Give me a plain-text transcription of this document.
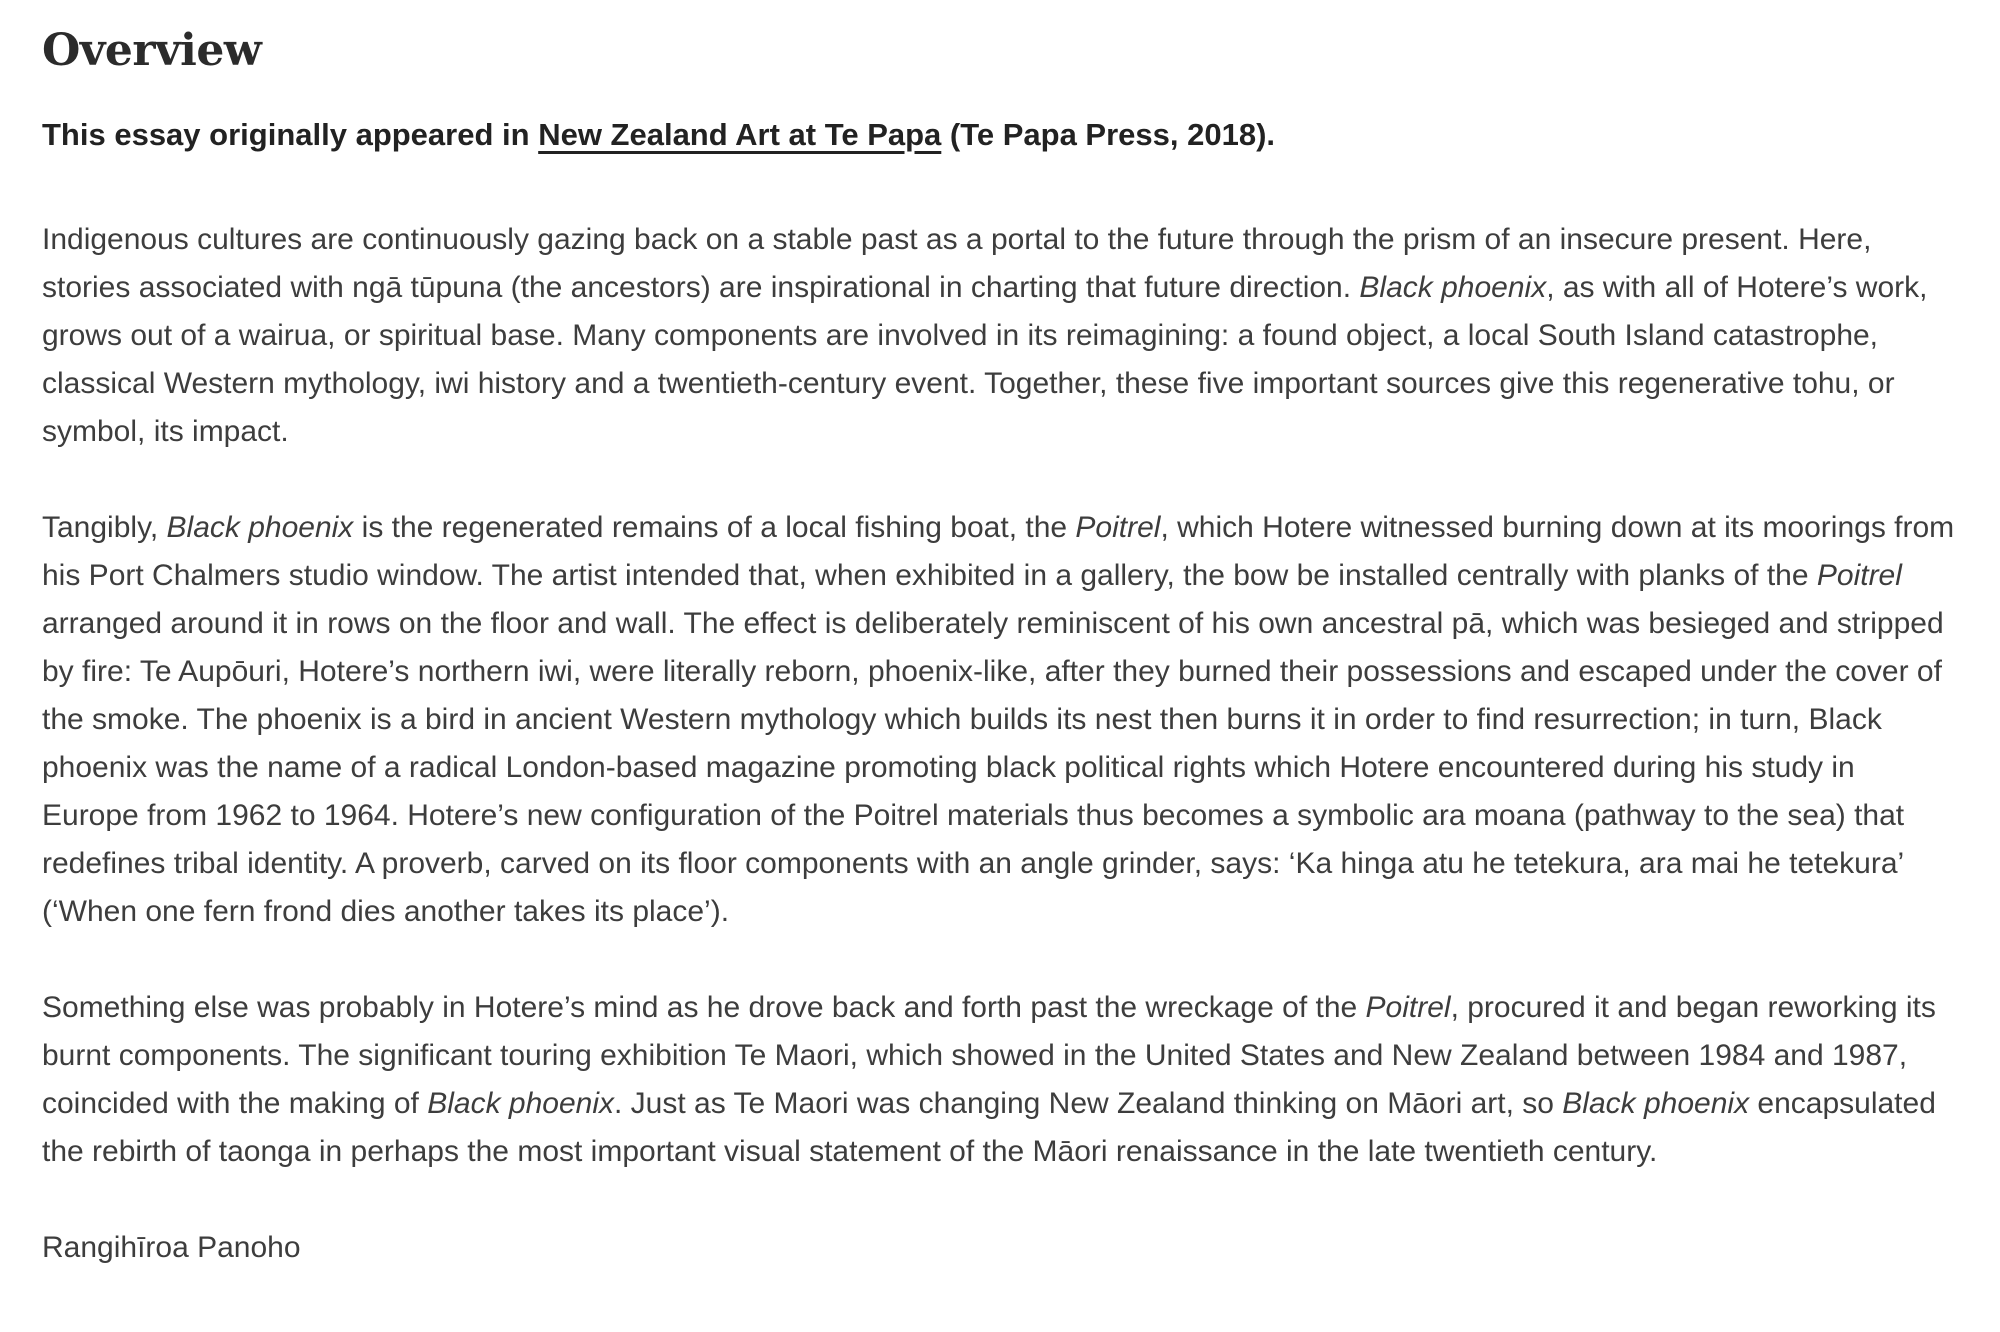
Overview

This essay originally appeared in New Zealand Art at Te Papa (Te Papa Press, 2018).

Indigenous cultures are continuously gazing back on a stable past as a portal to the future through the prism of an insecure present. Here, stories associated with ngā tūpuna (the ancestors) are inspirational in charting that future direction. Black phoenix, as with all of Hotere’s work, grows out of a wairua, or spiritual base. Many components are involved in its reimagining: a found object, a local South Island catastrophe, classical Western mythology, iwi history and a twentieth-century event. Together, these five important sources give this regenerative tohu, or symbol, its impact.

Tangibly, Black phoenix is the regenerated remains of a local fishing boat, the Poitrel, which Hotere witnessed burning down at its moorings from his Port Chalmers studio window. The artist intended that, when exhibited in a gallery, the bow be installed centrally with planks of the Poitrel arranged around it in rows on the floor and wall. The effect is deliberately reminiscent of his own ancestral pā, which was besieged and stripped by fire: Te Aupōuri, Hotere’s northern iwi, were literally reborn, phoenix-like, after they burned their possessions and escaped under the cover of the smoke. The phoenix is a bird in ancient Western mythology which builds its nest then burns it in order to find resurrection; in turn, Black phoenix was the name of a radical London-based magazine promoting black political rights which Hotere encountered during his study in Europe from 1962 to 1964. Hotere’s new configuration of the Poitrel materials thus becomes a symbolic ara moana (pathway to the sea) that redefines tribal identity. A proverb, carved on its floor components with an angle grinder, says: ‘Ka hinga atu he tetekura, ara mai he tetekura’ (‘When one fern frond dies another takes its place’).

Something else was probably in Hotere’s mind as he drove back and forth past the wreckage of the Poitrel, procured it and began reworking its burnt components. The significant touring exhibition Te Maori, which showed in the United States and New Zealand between 1984 and 1987, coincided with the making of Black phoenix. Just as Te Maori was changing New Zealand thinking on Māori art, so Black phoenix encapsulated the rebirth of taonga in perhaps the most important visual statement of the Māori renaissance in the late twentieth century.

Rangihīroa Panoho
